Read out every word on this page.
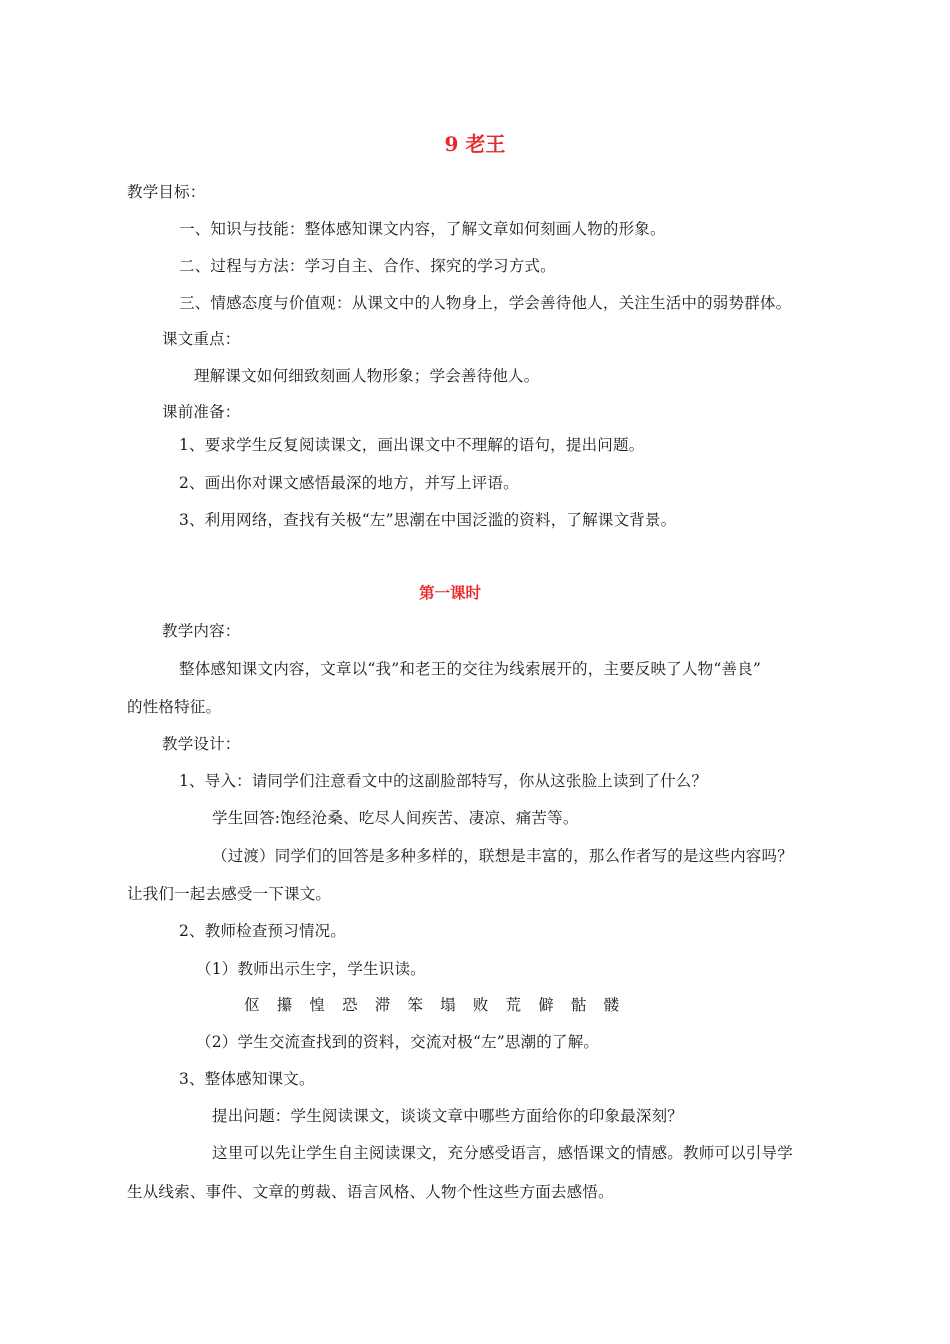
9 老王
教学目标：
一、知识与技能：整体感知课文内容，了解文章如何刻画人物的形象。
二、过程与方法：学习自主、合作、探究的学习方式。
三、情感态度与价值观：从课文中的人物身上，学会善待他人，关注生活中的弱势群体。
课文重点：
理解课文如何细致刻画人物形象；学会善待他人。
课前准备：
1、要求学生反复阅读课文，画出课文中不理解的语句，提出问题。
2、画出你对课文感悟最深的地方，并写上评语。
3、利用网络，查找有关极“左”思潮在中国泛滥的资料，了解课文背景。
第一课时
教学内容：
整体感知课文内容，文章以“我”和老王的交往为线索展开的，主要反映了人物“善良”
的性格特征。
教学设计：
1、导入：请同学们注意看文中的这副脸部特写，你从这张脸上读到了什么？
学生回答:饱经沧桑、吃尽人间疾苦、凄凉、痛苦等。
（过渡）同学们的回答是多种多样的，联想是丰富的，那么作者写的是这些内容吗？
让我们一起去感受一下课文。
2、教师检查预习情况。
（1）教师出示生字，学生识读。
伛 攥 惶 恐 滞 笨 塌 败 荒 僻 骷 髅
（2）学生交流查找到的资料，交流对极“左”思潮的了解。
3、整体感知课文。
提出问题：学生阅读课文，谈谈文章中哪些方面给你的印象最深刻？
这里可以先让学生自主阅读课文，充分感受语言，感悟课文的情感。教师可以引导学
生从线索、事件、文章的剪裁、语言风格、人物个性这些方面去感悟。
